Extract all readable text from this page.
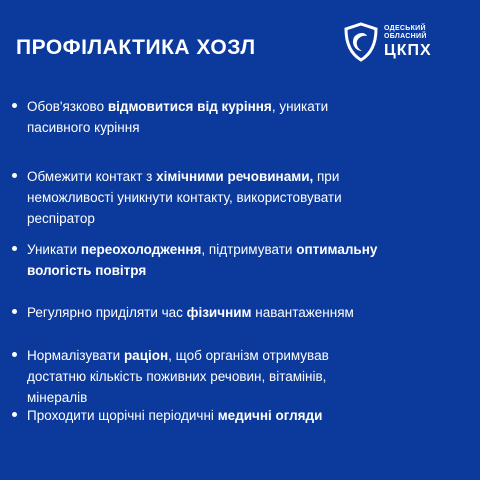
ПРОФІЛАКТИКА ХОЗЛ
ОДЕСЬКИЙ
ОБЛАСНИЙ
ЦКПХ
Обов'язково відмовитися від куріння, уникати пасивного куріння
Обмежити контакт з хімічними речовинами, при неможливості уникнути контакту, використовувати респіратор
Уникати переохолодження, підтримувати оптимальну вологість повітря
Регулярно приділяти час фізичним навантаженням
Нормалізувати раціон, щоб організм отримував достатню кількість поживних речовин, вітамінів, мінералів
Проходити щорічні періодичні медичні огляди
